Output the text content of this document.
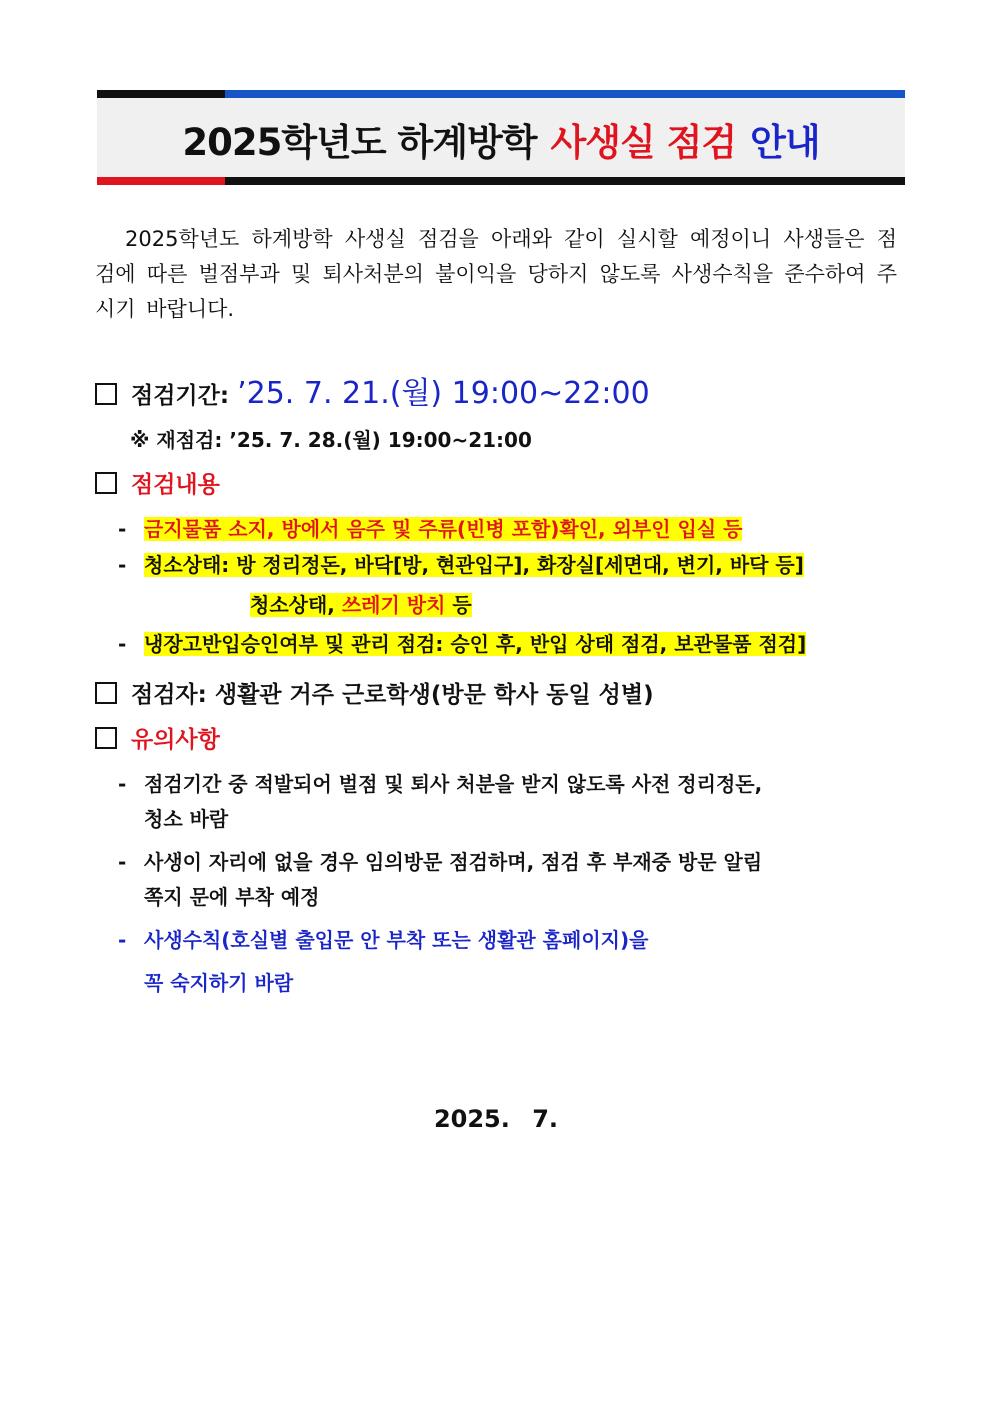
2025학년도 하계방학 사생실 점검 안내
2025학년도 하계방학 사생실 점검을 아래와 같이 실시할 예정이니 사생들은 점검에 따른 벌점부과 및 퇴사처분의 불이익을 당하지 않도록 사생수칙을 준수하여 주시기 바랍니다.
점검기간: ’25. 7. 21.(월) 19:00~22:00
※ 재점검: ’25. 7. 28.(월) 19:00~21:00
점검내용
- 금지물품 소지, 방에서 음주 및 주류(빈병 포함)확인, 외부인 입실 등
- 청소상태: 방 정리정돈, 바닥[방, 현관입구], 화장실[세면대, 변기, 바닥 등]
청소상태, 쓰레기 방치 등
- 냉장고반입승인여부 및 관리 점검: 승인 후, 반입 상태 점검, 보관물품 점검]
점검자: 생활관 거주 근로학생(방문 학사 동일 성별)
유의사항
- 점검기간 중 적발되어 벌점 및 퇴사 처분을 받지 않도록 사전 정리정돈,
청소 바람
- 사생이 자리에 없을 경우 임의방문 점검하며, 점검 후 부재중 방문 알림
쪽지 문에 부착 예정
- 사생수칙(호실별 출입문 안 부착 또는 생활관 홈페이지)을
꼭 숙지하기 바람
2025. 7.
